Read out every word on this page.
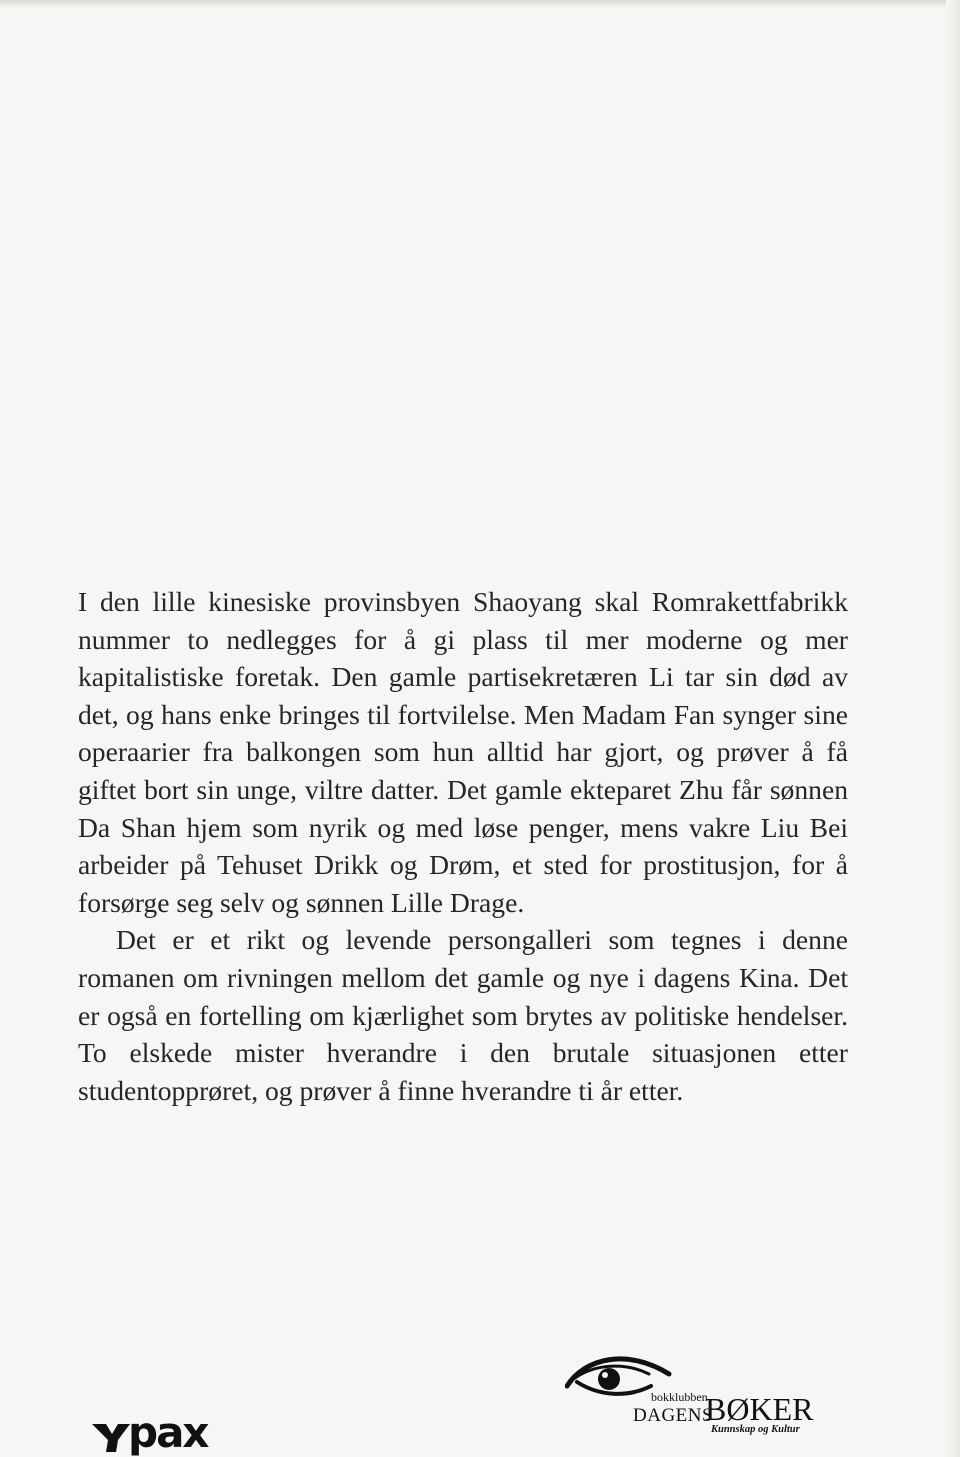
I den lille kinesiske provinsbyen Shaoyang skal Romrakettfabrikk nummer to nedlegges for å gi plass til mer moderne og mer kapitalistiske foretak. Den gamle partisekretæren Li tar sin død av det, og hans enke bringes til fortvilelse. Men Madam Fan synger sine operaarier fra balkongen som hun alltid har gjort, og prøver å få giftet bort sin unge, viltre datter. Det gamle ekteparet Zhu får sønnen Da Shan hjem som nyrik og med løse penger, mens vakre Liu Bei arbeider på Tehuset Drikk og Drøm, et sted for prostitusjon, for å forsørge seg selv og sønnen Lille Drage.

Det er et rikt og levende persongalleri som tegnes i denne romanen om rivningen mellom det gamle og nye i dagens Kina. Det er også en fortelling om kjærlighet som brytes av politiske hendelser. To elskede mister hverandre i den brutale situasjonen etter studentopprøret, og prøver å finne hverandre ti år etter.

pax
bokklubben
DAGENS
BØKER
Kunnskap og Kultur
